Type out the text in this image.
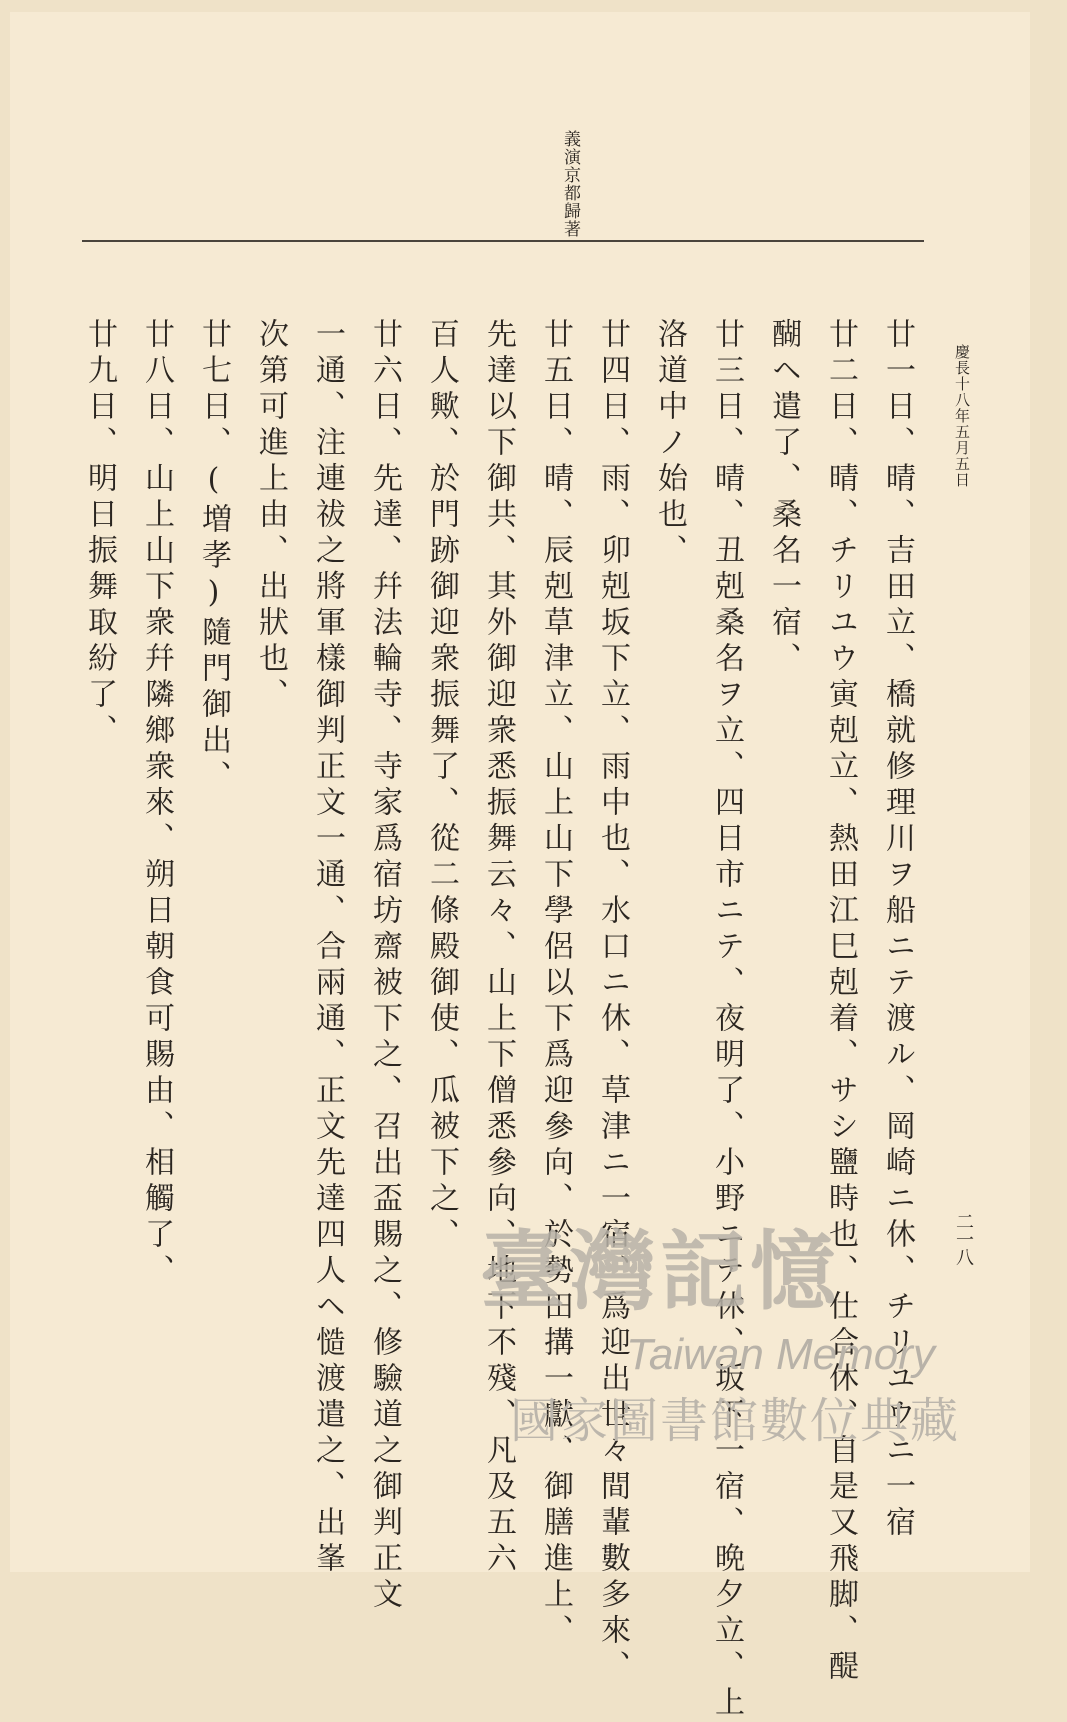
義演京都歸著
慶長十八年五月五日
二一八
廿一日、晴、吉田立、橋就修理川ヲ船ニテ渡ル、岡崎ニ休、チリユウニ一宿
廿二日、晴、チリユウ寅剋立、熱田江巳剋着、サシ鹽時也、仕合休、自是又飛脚、醍
醐ヘ遣了、桑名一宿、
廿三日、晴、丑剋桑名ヲ立、四日市ニテ、夜明了、小野ニテ休、坂下一宿、晩夕立、上
洛道中ノ始也、
廿四日、雨、卯剋坂下立、雨中也、水口ニ休、草津ニ一宿、爲迎出世々間輩數多來、
廿五日、晴、辰剋草津立、山上山下學侶以下爲迎參向、於勢田搆一獻、御膳進上、
先達以下御共、其外御迎衆悉振舞云々、山上下僧悉參向、地下不殘、凡及五六
百人歟、於門跡御迎衆振舞了、從二條殿御使、瓜被下之、
廿六日、先達、幷法輪寺、寺家爲宿坊齋被下之、召出盃賜之、修驗道之御判正文
一通、注連祓之將軍樣御判正文一通、合兩通、正文先達四人ヘ慥渡遣之、出峯
次第可進上由、出狀也、
廿七日、(増孝)隨門御出、
廿八日、山上山下衆幷隣鄉衆來、朔日朝食可賜由、相觸了、
廿九日、明日振舞取紛了、
臺灣記憶
Taiwan Memory
國家圖書館數位典藏
